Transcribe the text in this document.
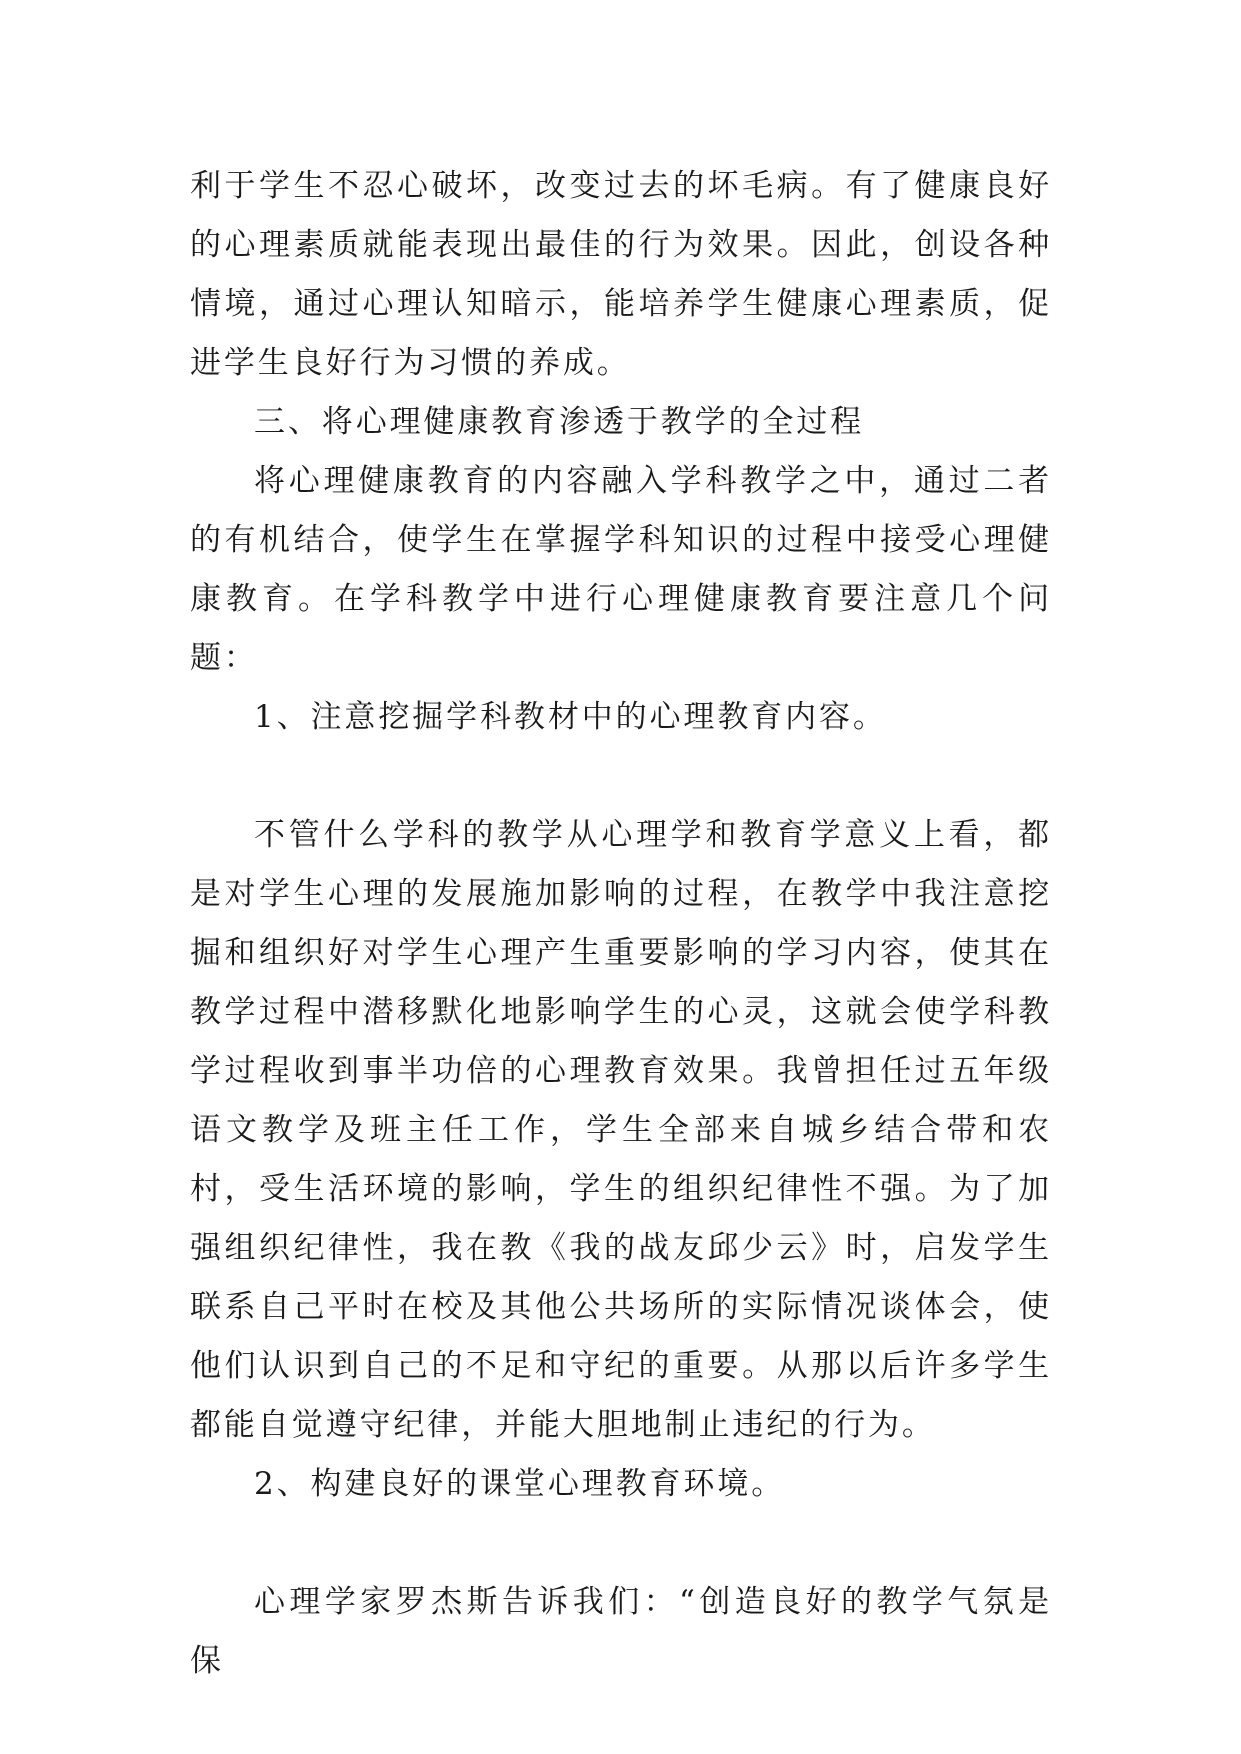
利于学生不忍心破坏，改变过去的坏毛病。有了健康良好的心理素质就能表现出最佳的行为效果。因此，创设各种情境，通过心理认知暗示，能培养学生健康心理素质，促进学生良好行为习惯的养成。

三、将心理健康教育渗透于教学的全过程

将心理健康教育的内容融入学科教学之中，通过二者的有机结合，使学生在掌握学科知识的过程中接受心理健康教育。在学科教学中进行心理健康教育要注意几个问题：

1、注意挖掘学科教材中的心理教育内容。

不管什么学科的教学从心理学和教育学意义上看，都是对学生心理的发展施加影响的过程，在教学中我注意挖掘和组织好对学生心理产生重要影响的学习内容，使其在教学过程中潜移默化地影响学生的心灵，这就会使学科教学过程收到事半功倍的心理教育效果。我曾担任过五年级语文教学及班主任工作，学生全部来自城乡结合带和农村，受生活环境的影响，学生的组织纪律性不强。为了加强组织纪律性，我在教《我的战友邱少云》时，启发学生联系自己平时在校及其他公共场所的实际情况谈体会，使他们认识到自己的不足和守纪的重要。从那以后许多学生都能自觉遵守纪律，并能大胆地制止违纪的行为。

2、构建良好的课堂心理教育环境。

心理学家罗杰斯告诉我们：“创造良好的教学气氛是保
